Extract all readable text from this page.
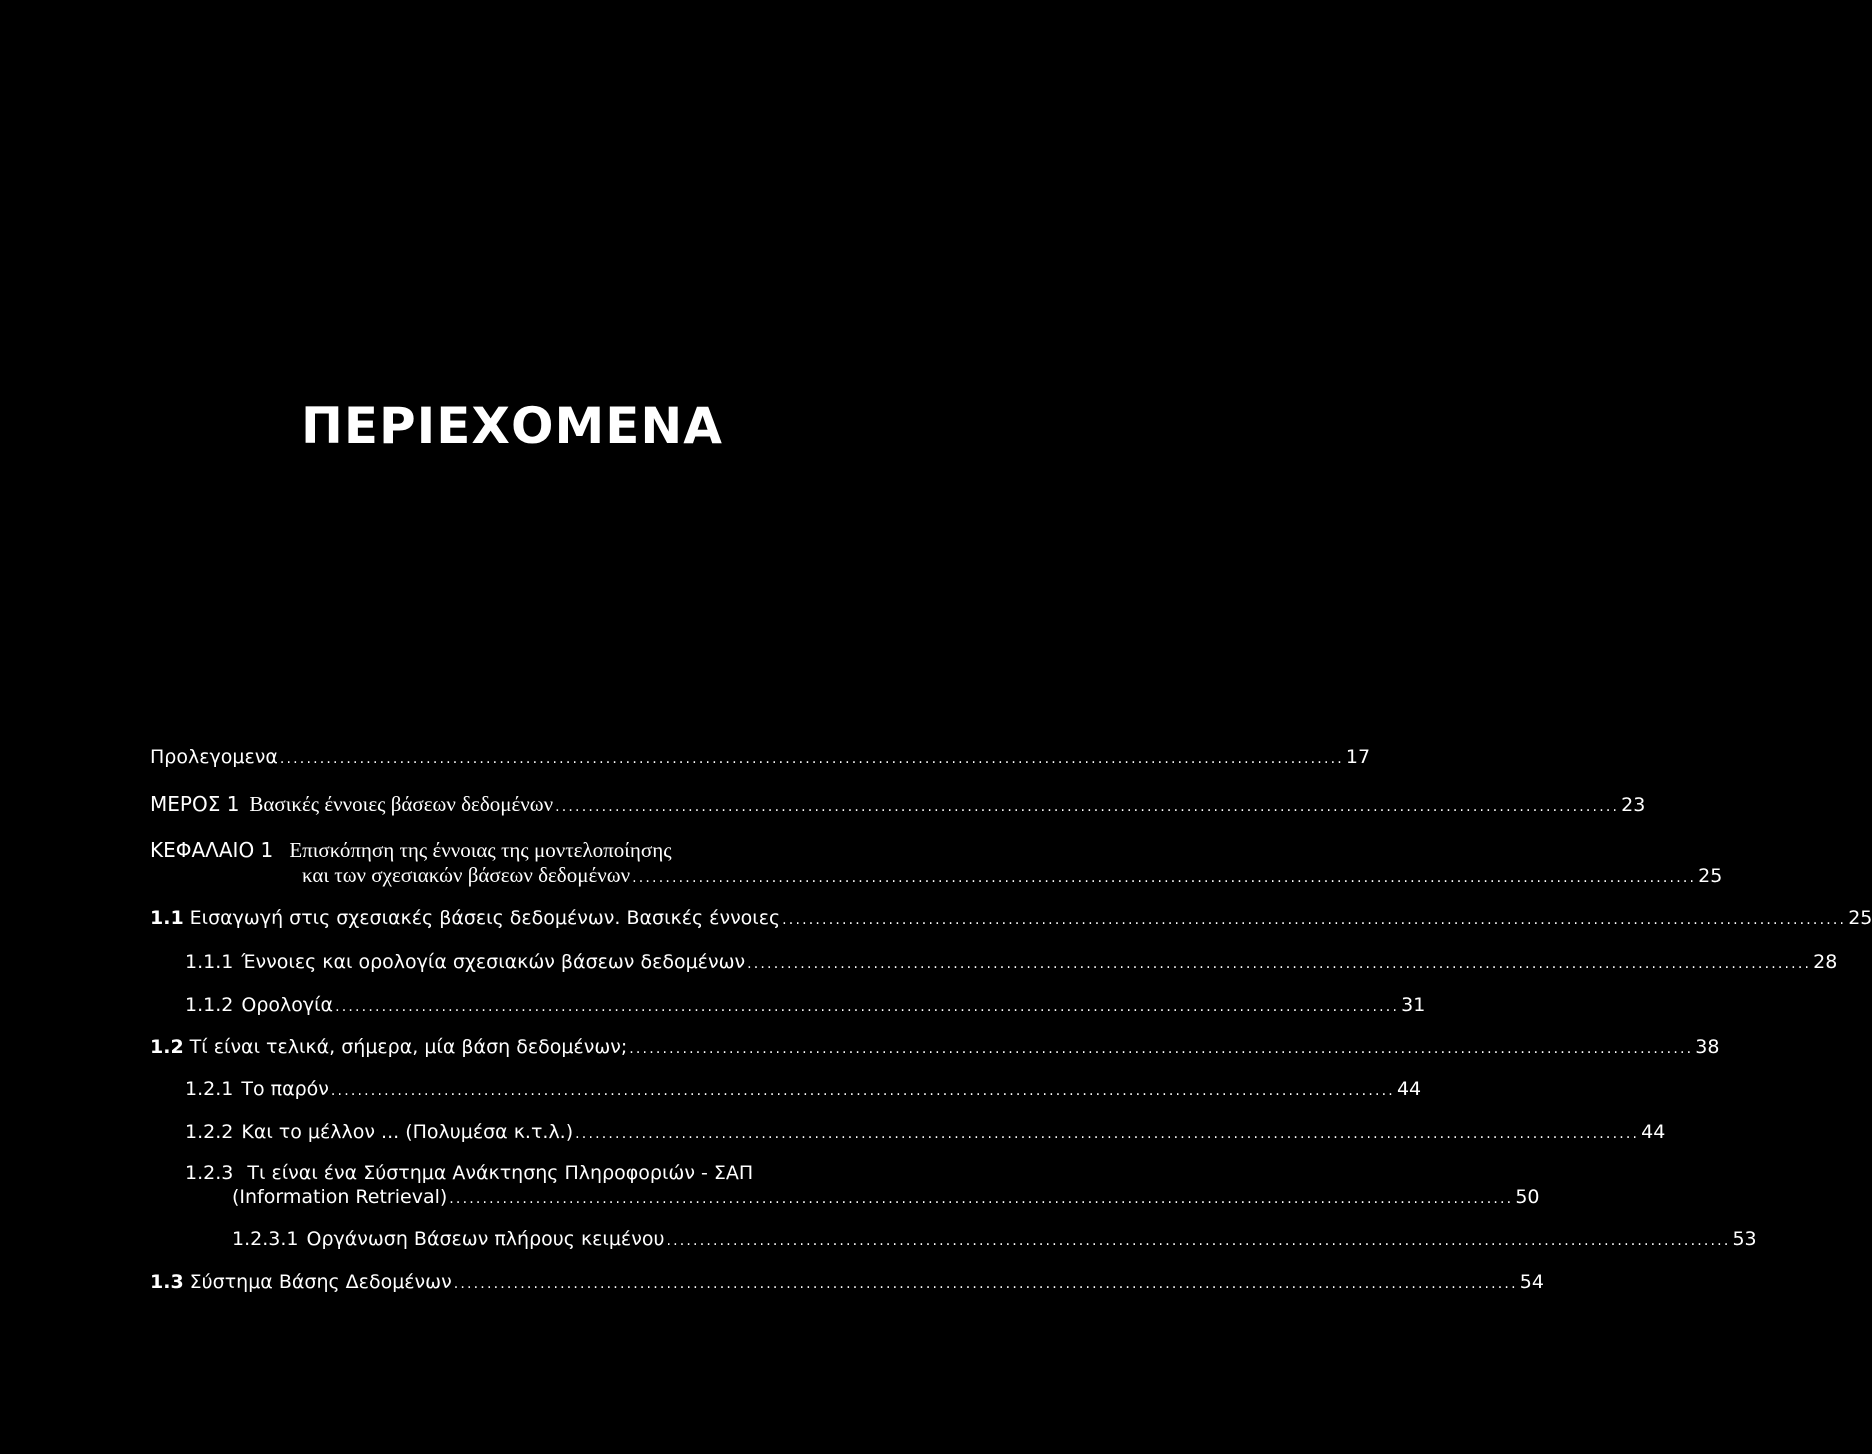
ΠΕΡΙΕΧΟΜΕΝΑ
Προλεγομενα ................................................................................................................................................................ 17
ΜΕΡΟΣ 1 Βασικές έννοιες βάσεων δεδομένων ................................................................................................................................................................ 23
ΚΕΦΑΛΑΙΟ 1 Επισκόπηση της έννοιας της μοντελοποίησης
και των σχεσιακών βάσεων δεδομένων ................................................................................................................................................................ 25
1.1 Εισαγωγή στις σχεσιακές βάσεις δεδομένων. Βασικές έννοιες ................................................................................................................................................................ 25
1.1.1 Έννοιες και ορολογία σχεσιακών βάσεων δεδομένων ................................................................................................................................................................ 28
1.1.2 Ορολογία ................................................................................................................................................................ 31
1.2 Τί είναι τελικά, σήμερα, μία βάση δεδομένων; ................................................................................................................................................................ 38
1.2.1 Το παρόν ................................................................................................................................................................ 44
1.2.2 Και το μέλλον ... (Πολυμέσα κ.τ.λ.) ................................................................................................................................................................ 44
1.2.3 Τι είναι ένα Σύστημα Ανάκτησης Πληροφοριών - ΣΑΠ
(Information Retrieval) ................................................................................................................................................................ 50
1.2.3.1 Οργάνωση Βάσεων πλήρους κειμένου ................................................................................................................................................................ 53
1.3 Σύστημα Βάσης Δεδομένων ................................................................................................................................................................ 54
